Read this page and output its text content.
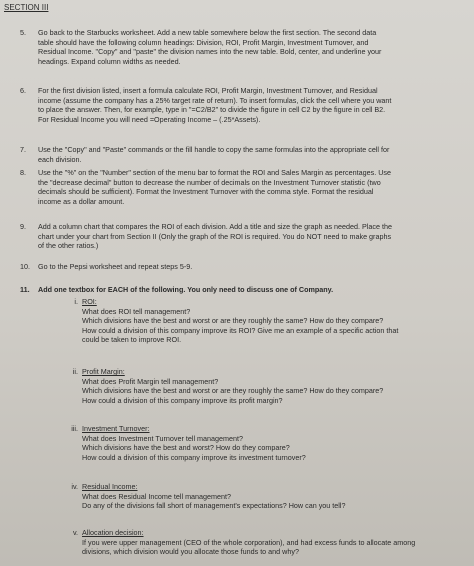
SECTION III
5.	Go back to the Starbucks worksheet. Add a new table somewhere below the first section. The second data
table should have the following column headings: Division, ROI, Profit Margin, Investment Turnover, and
Residual Income. "Copy" and "paste" the division names into the new table. Bold, center, and underline your
headings. Expand column widths as needed.
6.	For the first division listed, insert a formula calculate ROI, Profit Margin, Investment Turnover, and Residual
income (assume the company has a 25% target rate of return). To insert formulas, click the cell where you want
to place the answer. Then, for example, type in "=C2/B2" to divide the figure in cell C2 by the figure in cell B2.
For Residual Income you will need =Operating Income – (.25*Assets).
7.	Use the "Copy" and "Paste" commands or the fill handle to copy the same formulas into the appropriate cell for
each division.
8.	Use the "%" on the "Number" section of the menu bar to format the ROI and Sales Margin as percentages. Use
the "decrease decimal" button to decrease the number of decimals on the Investment Turnover statistic (two
decimals should be sufficient). Format the Investment Turnover with the comma style. Format the residual
income as a dollar amount.
9.	Add a column chart that compares the ROI of each division. Add a title and size the graph as needed. Place the
chart under your chart from Section II (Only the graph of the ROI is required. You do NOT need to make graphs
of the other ratios.)
10.	Go to the Pepsi worksheet and repeat steps 5-9.
11.	Add one textbox for EACH of the following. You only need to discuss one of Company.
i. ROI:
What does ROI tell management?
Which divisions have the best and worst or are they roughly the same? How do they compare?
How could a division of this company improve its ROI? Give me an example of a specific action that
could be taken to improve ROI.
ii. Profit Margin:
What does Profit Margin tell management?
Which divisions have the best and worst or are they roughly the same? How do they compare?
How could a division of this company improve its profit margin?
iii. Investment Turnover:
What does Investment Turnover tell management?
Which divisions have the best and worst? How do they compare?
How could a division of this company improve its investment turnover?
iv. Residual Income:
What does Residual Income tell management?
Do any of the divisions fall short of management's expectations? How can you tell?
v. Allocation decision:
If you were upper management (CEO of the whole corporation), and had excess funds to allocate among
divisions, which division would you allocate those funds to and why?
